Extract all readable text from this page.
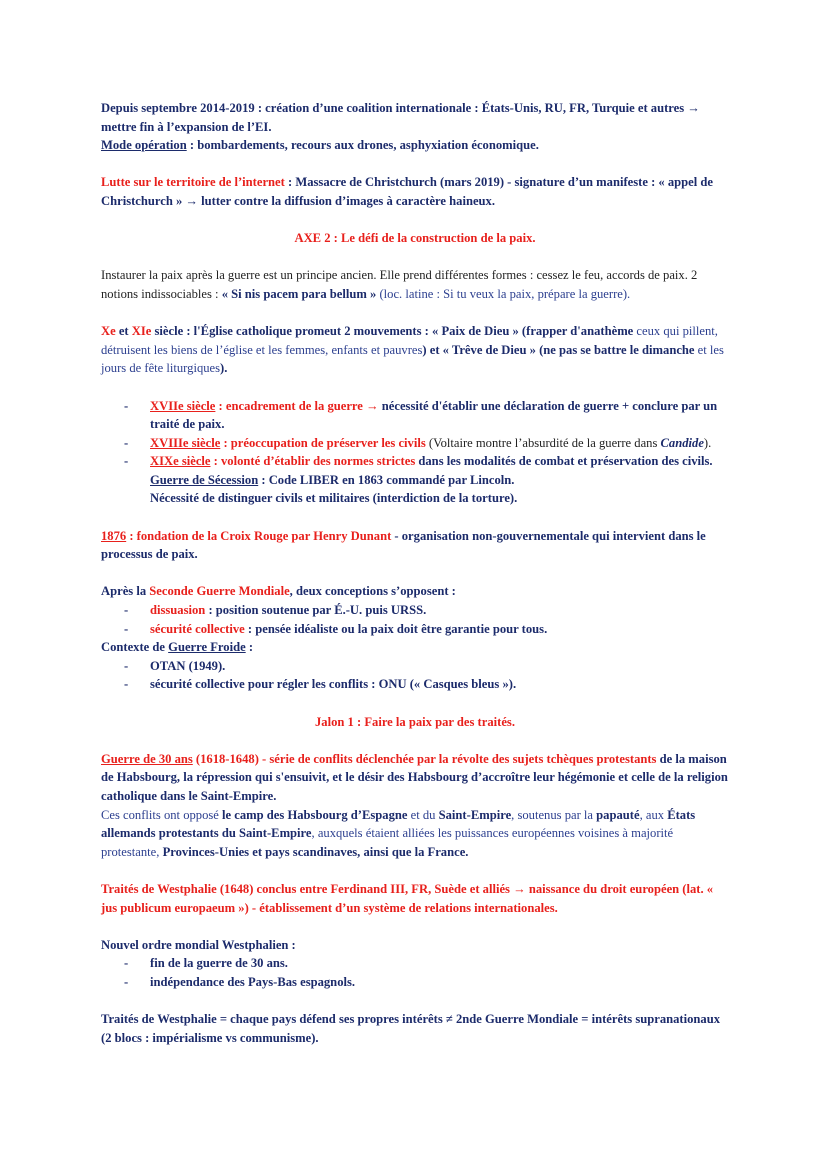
Depuis septembre 2014-2019 : création d’une coalition internationale : États-Unis, RU, FR, Turquie et autres → mettre fin à l’expansion de l’EI.

Mode opération : bombardements, recours aux drones, asphyxiation économique.

Lutte sur le territoire de l’internet : Massacre de Christchurch (mars 2019) - signature d’un manifeste : « appel de Christchurch » → lutter contre la diffusion d’images à caractère haineux.

AXE 2 : Le défi de la construction de la paix.

Instaurer la paix après la guerre est un principe ancien. Elle prend différentes formes : cessez le feu, accords de paix. 2 notions indissociables : « Si nis pacem para bellum » (loc. latine : Si tu veux la paix, prépare la guerre).

Xe et XIe siècle : l'Église catholique promeut 2 mouvements : « Paix de Dieu » (frapper d'anathème ceux qui pillent, détruisent les biens de l’église et les femmes, enfants et pauvres) et « Trêve de Dieu » (ne pas se battre le dimanche et les jours de fête liturgiques).

- XVIIe siècle : encadrement de la guerre → nécessité d'établir une déclaration de guerre + conclure par un traité de paix.
- XVIIIe siècle : préoccupation de préserver les civils (Voltaire montre l’absurdité de la guerre dans Candide).
- XIXe siècle : volonté d’établir des normes strictes dans les modalités de combat et préservation des civils. Guerre de Sécession : Code LIBER en 1863 commandé par Lincoln.
Nécessité de distinguer civils et militaires (interdiction de la torture).

1876 : fondation de la Croix Rouge par Henry Dunant - organisation non-gouvernementale qui intervient dans le processus de paix.

Après la Seconde Guerre Mondiale, deux conceptions s’opposent :

- dissuasion : position soutenue par É.-U. puis URSS.
- sécurité collective : pensée idéaliste ou la paix doit être garantie pour tous.

Contexte de Guerre Froide :

- OTAN (1949).
- sécurité collective pour régler les conflits : ONU (« Casques bleus »).

Jalon 1 : Faire la paix par des traités.

Guerre de 30 ans (1618-1648) - série de conflits déclenchée par la révolte des sujets tchèques protestants de la maison de Habsbourg, la répression qui s'ensuivit, et le désir des Habsbourg d’accroître leur hégémonie et celle de la religion catholique dans le Saint-Empire.

Ces conflits ont opposé le camp des Habsbourg d’Espagne et du Saint-Empire, soutenus par la papauté, aux États allemands protestants du Saint-Empire, auxquels étaient alliées les puissances européennes voisines à majorité protestante, Provinces-Unies et pays scandinaves, ainsi que la France.

Traités de Westphalie (1648) conclus entre Ferdinand III, FR, Suède et alliés → naissance du droit européen (lat. « jus publicum europaeum ») - établissement d’un système de relations internationales.

Nouvel ordre mondial Westphalien :

- fin de la guerre de 30 ans.
- indépendance des Pays-Bas espagnols.

Traités de Westphalie = chaque pays défend ses propres intérêts ≠ 2nde Guerre Mondiale = intérêts supranationaux (2 blocs : impérialisme vs communisme).
